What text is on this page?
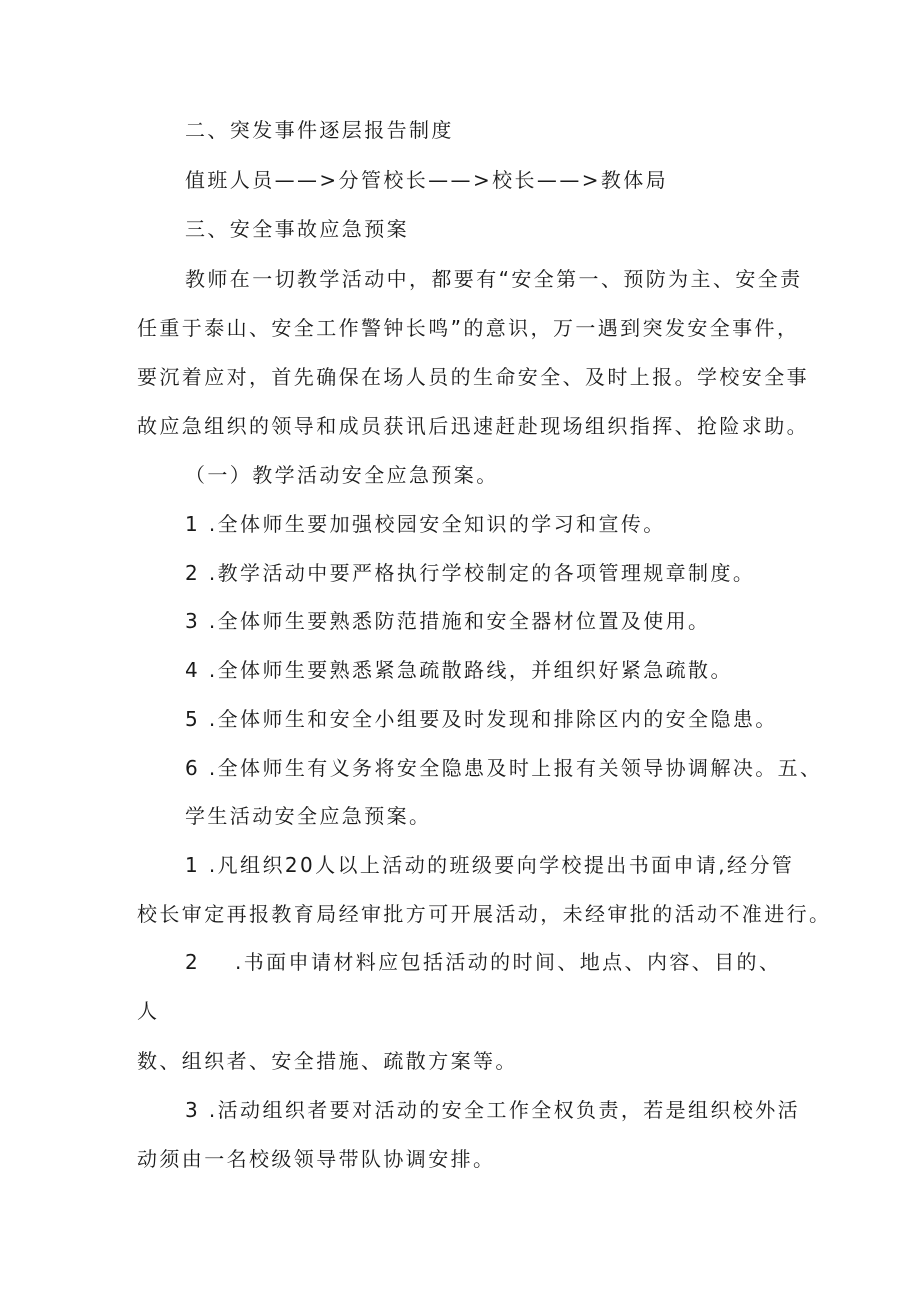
二、突发事件逐层报告制度
值班人员——>分管校长——>校长——>教体局
三、安全事故应急预案
教师在一切教学活动中，都要有“安全第一、预防为主、安全责
任重于泰山、安全工作警钟长鸣”的意识，万一遇到突发安全事件，
要沉着应对，首先确保在场人员的生命安全、及时上报。学校安全事
故应急组织的领导和成员获讯后迅速赶赴现场组织指挥、抢险求助。
（一）教学活动安全应急预案。
1 .全体师生要加强校园安全知识的学习和宣传。
2 .教学活动中要严格执行学校制定的各项管理规章制度。
3 .全体师生要熟悉防范措施和安全器材位置及使用。
4 .全体师生要熟悉紧急疏散路线，并组织好紧急疏散。
5 .全体师生和安全小组要及时发现和排除区内的安全隐患。
6 .全体师生有义务将安全隐患及时上报有关领导协调解决。五、
学生活动安全应急预案。
1 .凡组织20人以上活动的班级要向学校提出书面申请,经分管
校长审定再报教育局经审批方可开展活动，未经审批的活动不准进行。
2 .书面申请材料应包括活动的时间、地点、内容、目的、
人
数、组织者、安全措施、疏散方案等。
3 .活动组织者要对活动的安全工作全权负责，若是组织校外活
动须由一名校级领导带队协调安排。
